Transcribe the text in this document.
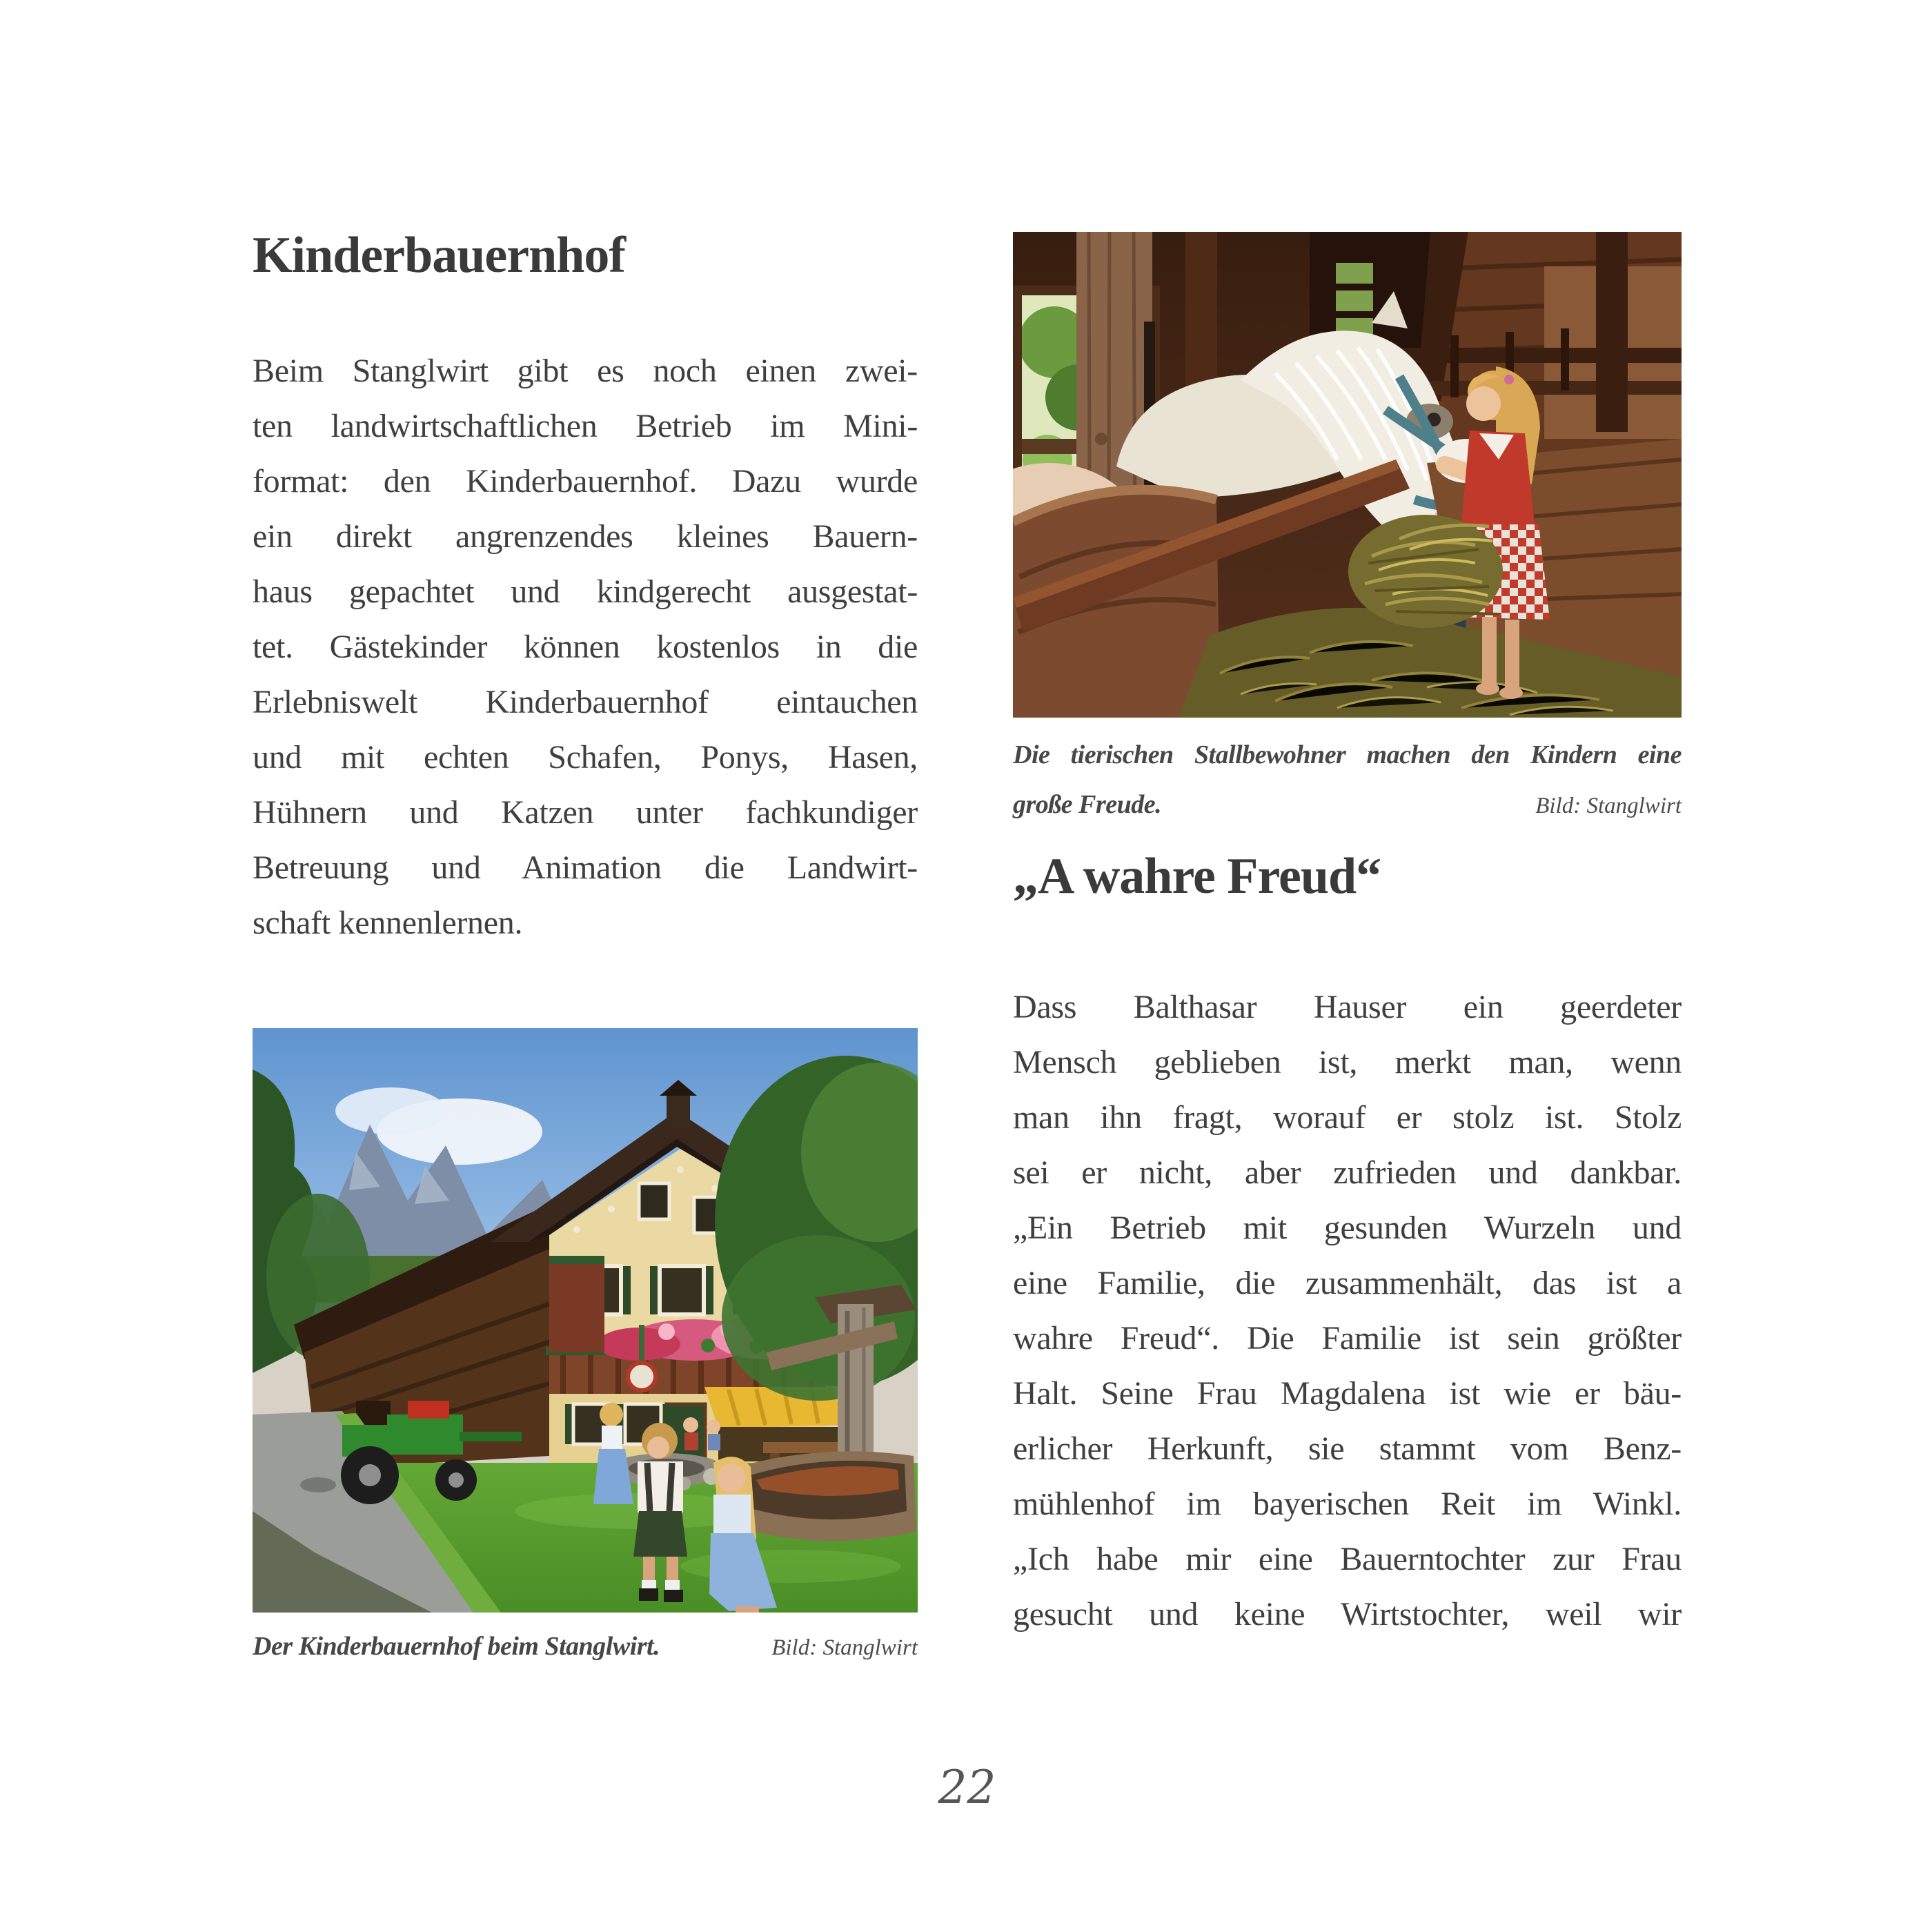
Kinderbauernhof
Beim Stanglwirt gibt es noch einen zwei-
ten landwirtschaftlichen Betrieb im Mini-
format: den Kinderbauernhof. Dazu wurde
ein direkt angrenzendes kleines Bauern-
haus gepachtet und kindgerecht ausgestat-
tet. Gästekinder können kostenlos in die
Erlebniswelt Kinderbauernhof eintauchen
und mit echten Schafen, Ponys, Hasen,
Hühnern und Katzen unter fachkundiger
Betreuung und Animation die Landwirt-
schaft kennenlernen.
Der Kinderbauernhof beim Stanglwirt.	Bild: Stanglwirt
Die tierischen Stallbewohner machen den Kindern eine
große Freude.	Bild: Stanglwirt
„A wahre Freud“
Dass Balthasar Hauser ein geerdeter
Mensch geblieben ist, merkt man, wenn
man ihn fragt, worauf er stolz ist. Stolz
sei er nicht, aber zufrieden und dankbar.
„Ein Betrieb mit gesunden Wurzeln und
eine Familie, die zusammenhält, das ist a
wahre Freud“. Die Familie ist sein größter
Halt. Seine Frau Magdalena ist wie er bäu-
erlicher Herkunft, sie stammt vom Benz-
mühlenhof im bayerischen Reit im Winkl.
„Ich habe mir eine Bauerntochter zur Frau
gesucht und keine Wirtstochter, weil wir
22
